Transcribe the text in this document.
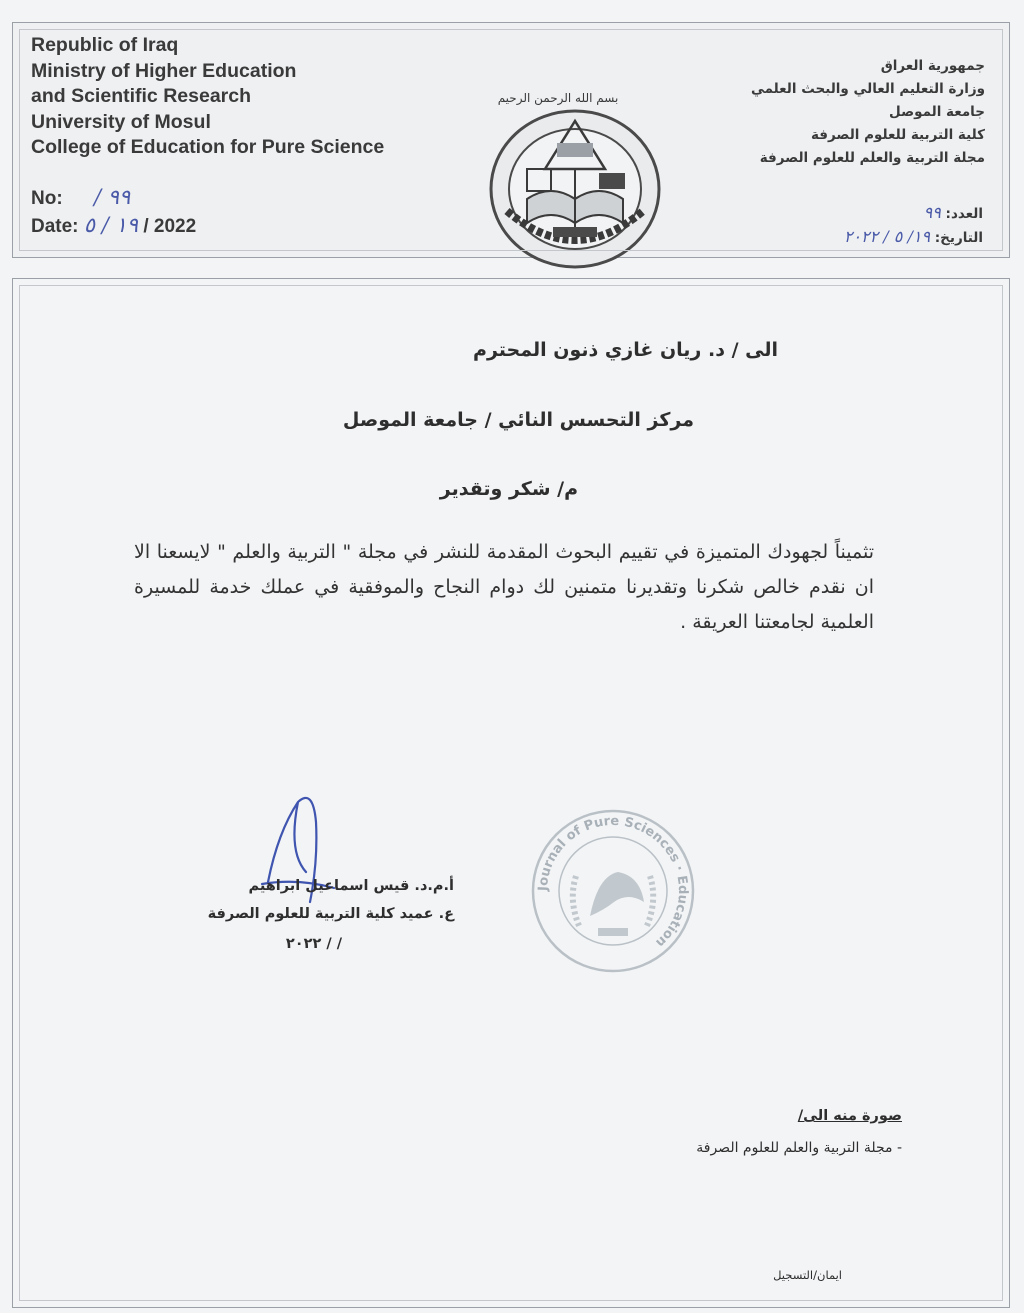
Republic of Iraq
Ministry of Higher Education
and Scientific Research
University of Mosul
College of Education for Pure Science
No: / ٩٩
Date: ١٩ / ٥ / 2022
بسم الله الرحمن الرحيم
جمهورية العراق
وزارة التعليم العالي والبحث العلمي
جامعة الموصل
كلية التربية للعلوم الصرفة
مجلة التربية والعلم للعلوم الصرفة
العدد: ٩٩
التاريخ: ١٩/ ٥ / ٢٠٢٢
الى / د. ريان غازي ذنون المحترم
مركز التحسس النائي / جامعة الموصل
م/ شكر وتقدير
تثميناً لجهودك المتميزة في تقييم البحوث المقدمة للنشر في مجلة " التربية والعلم " لايسعنا الا ان نقدم خالص شكرنا وتقديرنا متمنين لك دوام النجاح والموفقية في عملك خدمة للمسيرة العلمية لجامعتنا العريقة .
أ.م.د. قيس اسماعيل ابراهيم
ع. عميد كلية التربية للعلوم الصرفة
/ / ٢٠٢٢
Journal of Pure Sciences · Education
صورة منه الى/
- مجلة التربية والعلم للعلوم الصرفة
ايمان/التسجيل
